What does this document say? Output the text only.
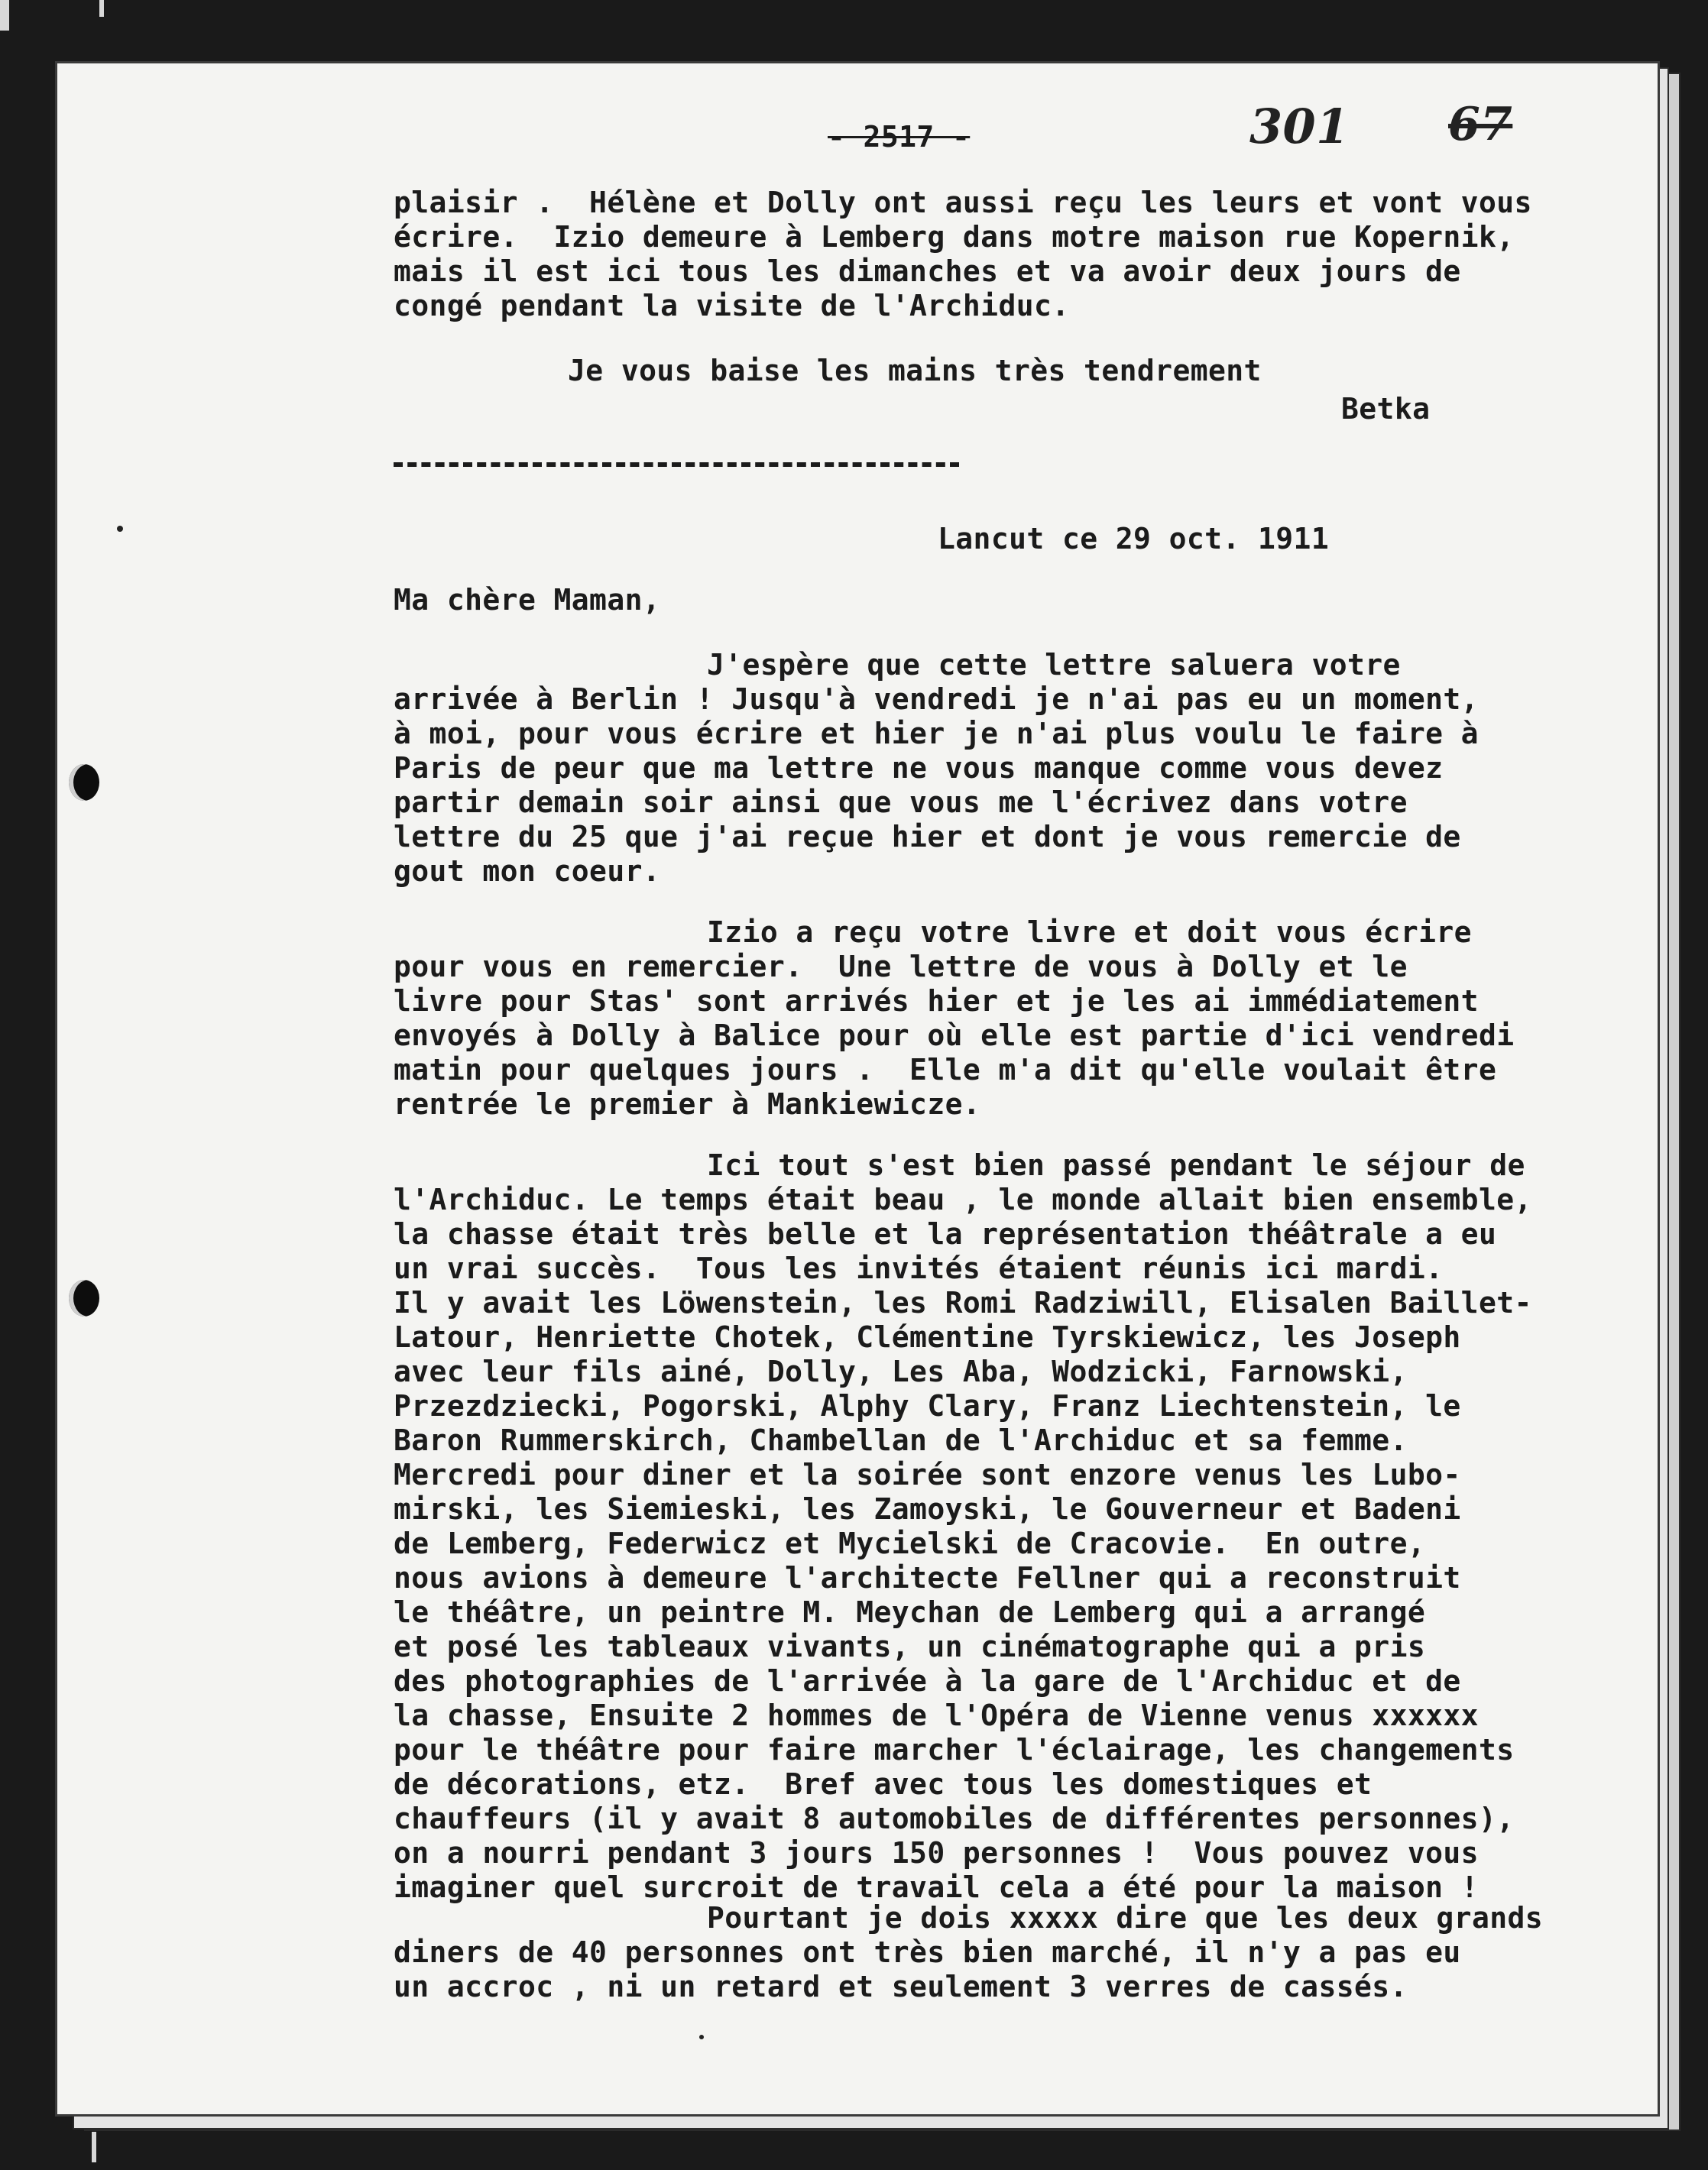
- 2517 -	301 67
plaisir .  Hélène et Dolly ont aussi reçu les leurs et vont vous
écrire.  Izio demeure à Lemberg dans motre maison rue Kopernik,
mais il est ici tous les dimanches et va avoir deux jours de
congé pendant la visite de l'Archiduc.
Je vous baise les mains très tendrement
Betka
Lancut ce 29 oct. 1911
Ma chère Maman,
J'espère que cette lettre saluera votre
arrivée à Berlin ! Jusqu'à vendredi je n'ai pas eu un moment,
à moi, pour vous écrire et hier je n'ai plus voulu le faire à
Paris de peur que ma lettre ne vous manque comme vous devez
partir demain soir ainsi que vous me l'écrivez dans votre
lettre du 25 que j'ai reçue hier et dont je vous remercie de
gout mon coeur.
Izio a reçu votre livre et doit vous écrire
pour vous en remercier.  Une lettre de vous à Dolly et le
livre pour Stas' sont arrivés hier et je les ai immédiatement
envoyés à Dolly à Balice pour où elle est partie d'ici vendredi
matin pour quelques jours .  Elle m'a dit qu'elle voulait être
rentrée le premier à Mankiewicze.
Ici tout s'est bien passé pendant le séjour de
l'Archiduc. Le temps était beau , le monde allait bien ensemble,
la chasse était très belle et la représentation théâtrale a eu
un vrai succès.  Tous les invités étaient réunis ici mardi.
Il y avait les Löwenstein, les Romi Radziwill, Elisalen Baillet-
Latour, Henriette Chotek, Clémentine Tyrskiewicz, les Joseph
avec leur fils ainé, Dolly, Les Aba, Wodzicki, Farnowski,
Przezdziecki, Pogorski, Alphy Clary, Franz Liechtenstein, le
Baron Rummerskirch, Chambellan de l'Archiduc et sa femme.
Mercredi pour diner et la soirée sont enzore venus les Lubo-
mirski, les Siemieski, les Zamoyski, le Gouverneur et Badeni
de Lemberg, Federwicz et Mycielski de Cracovie.  En outre,
nous avions à demeure l'architecte Fellner qui a reconstruit
le théâtre, un peintre M. Meychan de Lemberg qui a arrangé
et posé les tableaux vivants, un cinématographe qui a pris
des photographies de l'arrivée à la gare de l'Archiduc et de
la chasse, Ensuite 2 hommes de l'Opéra de Vienne venus xxxxxx
pour le théâtre pour faire marcher l'éclairage, les changements
de décorations, etz.  Bref avec tous les domestiques et
chauffeurs (il y avait 8 automobiles de différentes personnes),
on a nourri pendant 3 jours 150 personnes !  Vous pouvez vous
imaginer quel surcroit de travail cela a été pour la maison !
Pourtant je dois xxxxx dire que les deux grands
diners de 40 personnes ont très bien marché, il n'y a pas eu
un accroc , ni un retard et seulement 3 verres de cassés.
